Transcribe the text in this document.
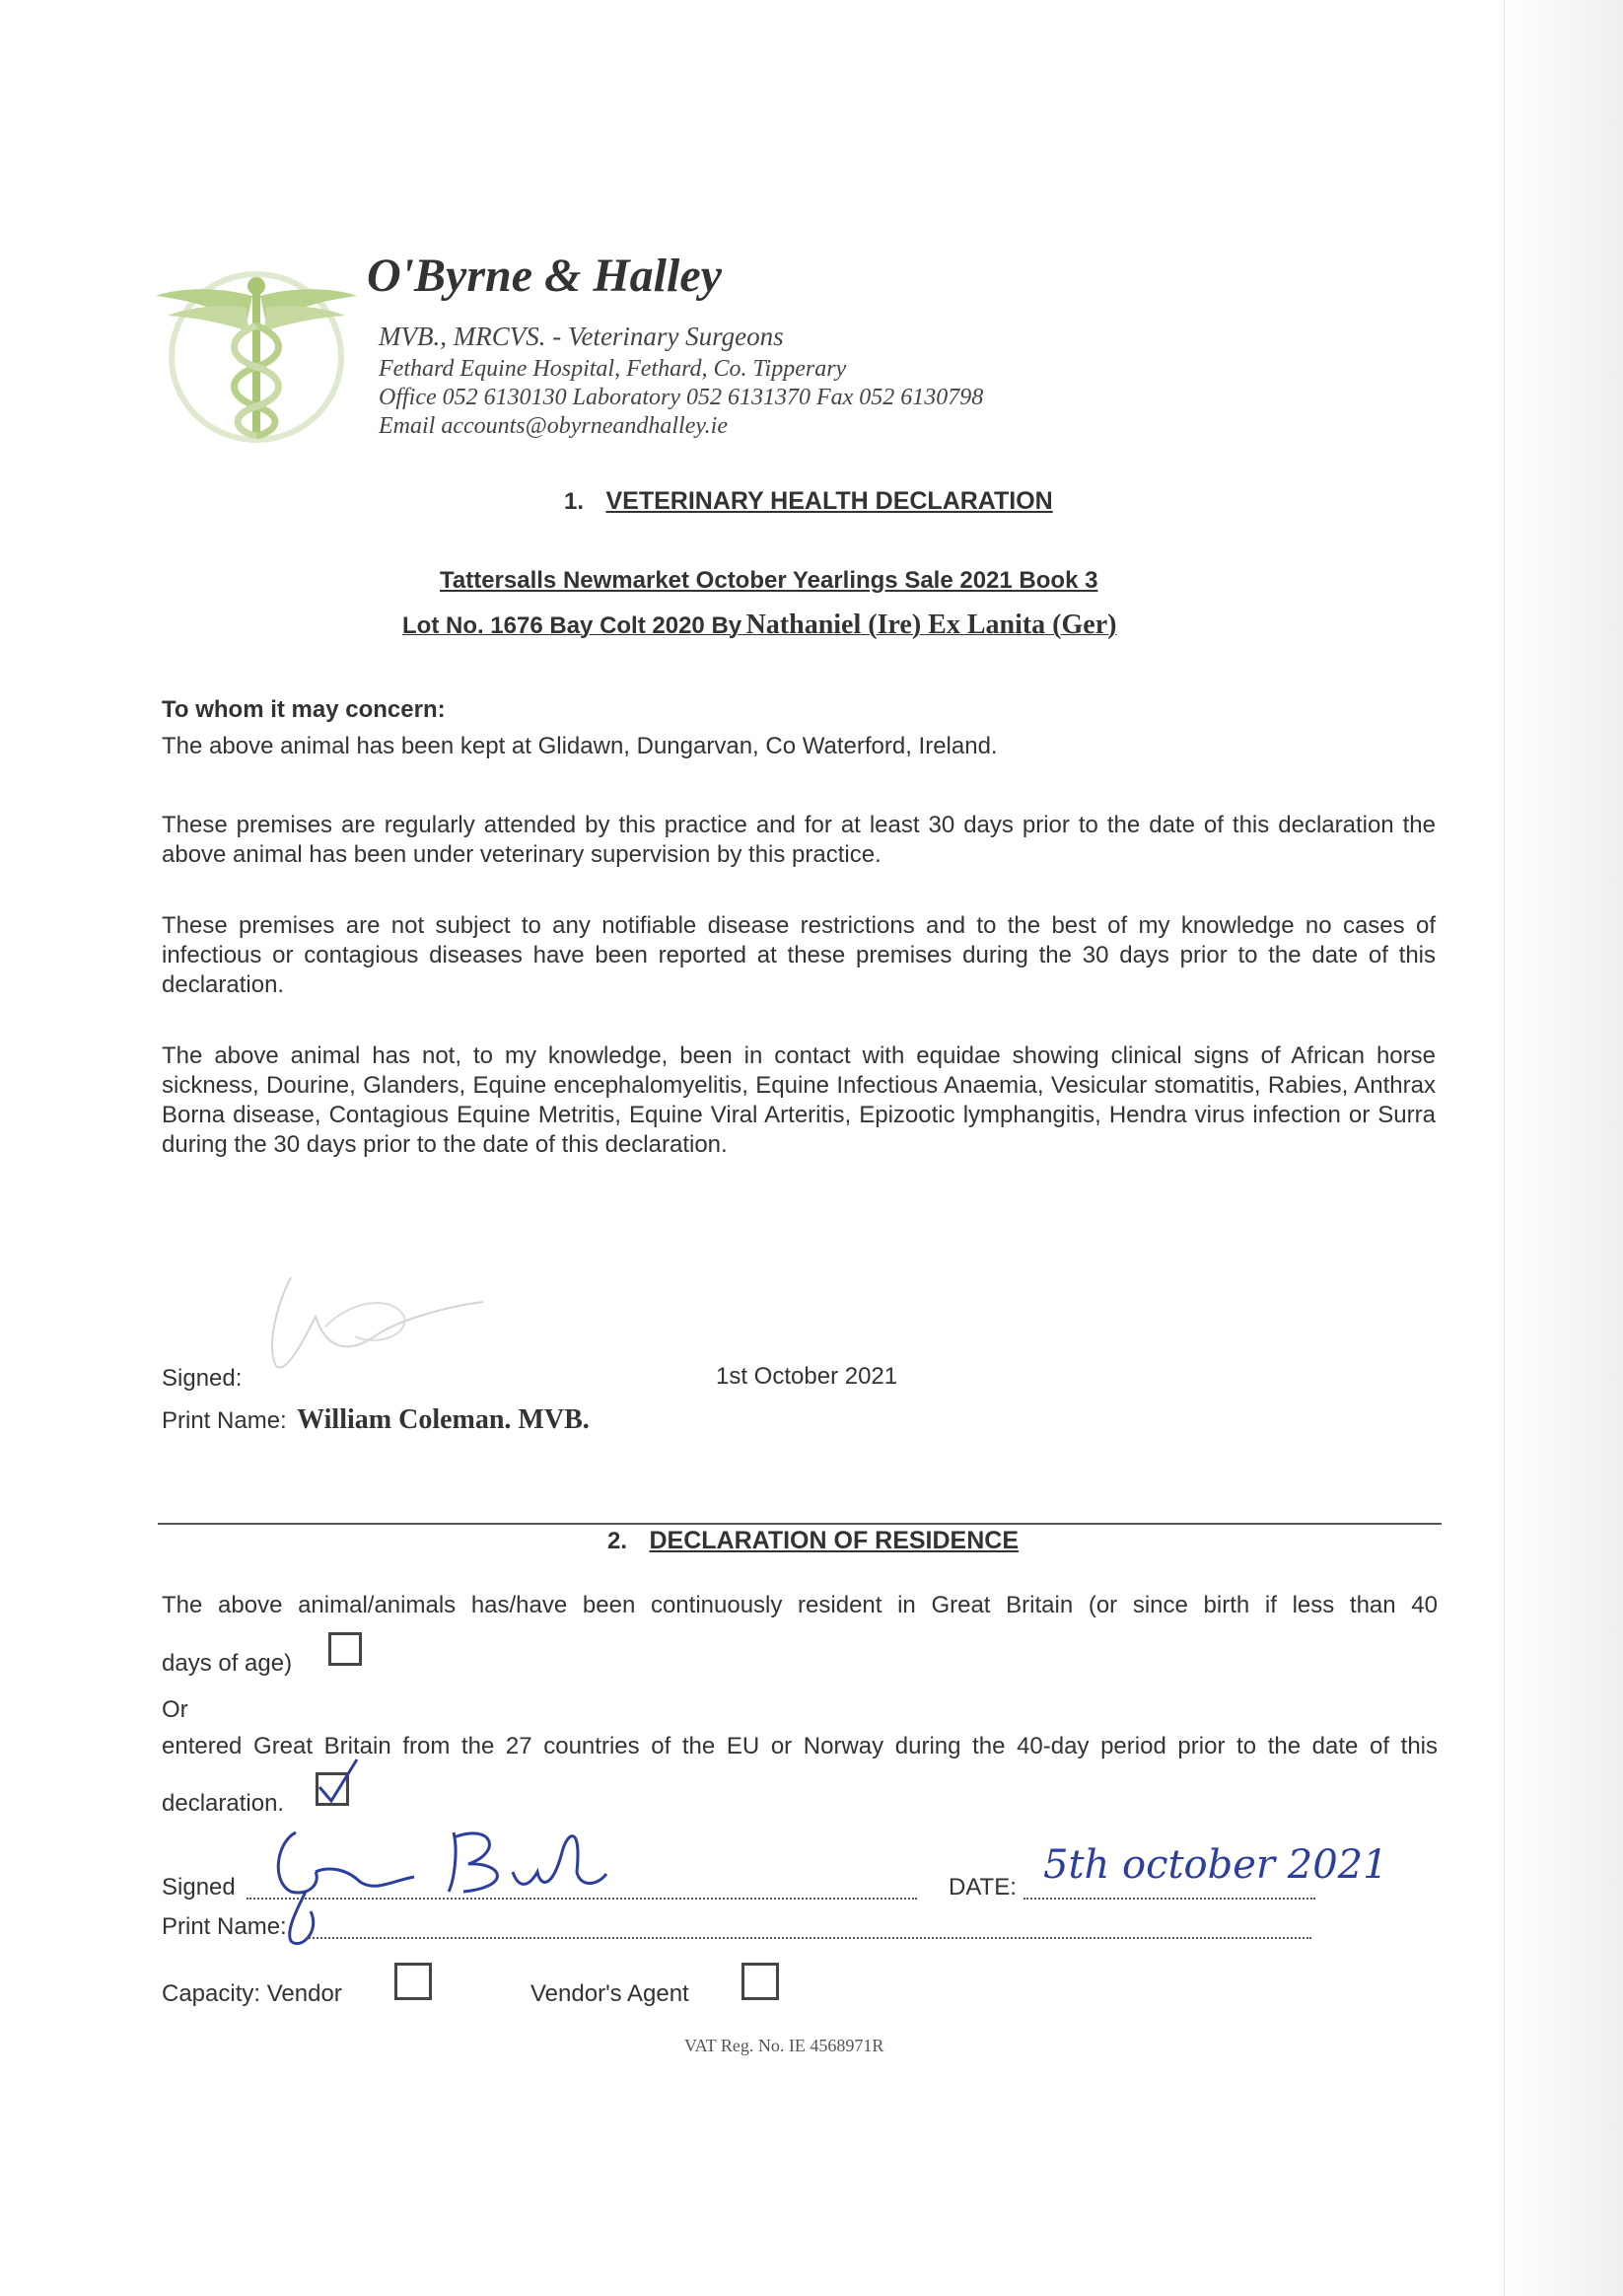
O'Byrne & Halley
MVB., MRCVS. - Veterinary Surgeons
Fethard Equine Hospital, Fethard, Co. Tipperary
Office 052 6130130 Laboratory 052 6131370 Fax 052 6130798
Email accounts@obyrneandhalley.ie
1. VETERINARY HEALTH DECLARATION
Tattersalls Newmarket October Yearlings Sale 2021 Book 3
Lot No. 1676 Bay Colt 2020 By Nathaniel (Ire) Ex Lanita (Ger)
To whom it may concern:
The above animal has been kept at Glidawn, Dungarvan, Co Waterford, Ireland.
These premises are regularly attended by this practice and for at least 30 days prior to the date of this declaration the above animal has been under veterinary supervision by this practice.
These premises are not subject to any notifiable disease restrictions and to the best of my knowledge no cases of infectious or contagious diseases have been reported at these premises during the 30 days prior to the date of this declaration.
The above animal has not, to my knowledge, been in contact with equidae showing clinical signs of African horse sickness, Dourine, Glanders, Equine encephalomyelitis, Equine Infectious Anaemia, Vesicular stomatitis, Rabies, Anthrax Borna disease, Contagious Equine Metritis, Equine Viral Arteritis, Epizootic lymphangitis, Hendra virus infection or Surra during the 30 days prior to the date of this declaration.
Signed:	1st October 2021
Print Name: William Coleman. MVB.
2. DECLARATION OF RESIDENCE
The above animal/animals has/have been continuously resident in Great Britain (or since birth if less than 40
days of age)
Or
entered Great Britain from the 27 countries of the EU or Norway during the 40-day period prior to the date of this
declaration.
Signed	DATE: 5th october 2021
Print Name:
Capacity: Vendor	Vendor's Agent
VAT Reg. No. IE 4568971R
